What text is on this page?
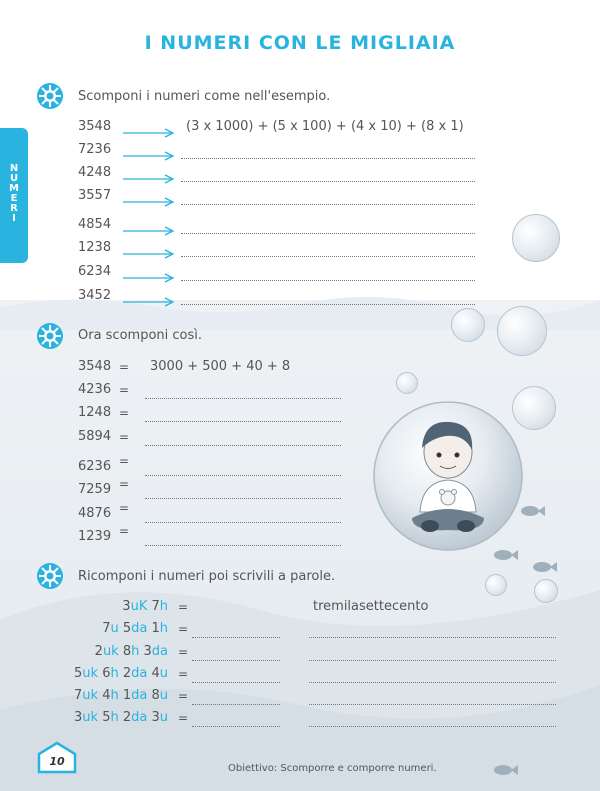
I NUMERI CON LE MIGLIAIA
NUMERI
Scomponi i numeri come nell'esempio.
3548	(3 x 1000) + (5 x 100) + (4 x 10) + (8 x 1)
7236
4248
3557
4854
1238
6234
3452
Ora scomponi così.
3548 = 3000 + 500 + 40 + 8
4236 =
1248 =
5894 =
6236 =
7259 =
4876 =
1239 =
Ricomponi i numeri poi scrivili a parole.
3uK 7h =	tremilasettecento
7u 5da 1h =
2uk 8h 3da =
5uk 6h 2da 4u =
7uk 4h 1da 8u =
3uk 5h 2da 3u =
10
Obiettivo: Scomporre e comporre numeri.
